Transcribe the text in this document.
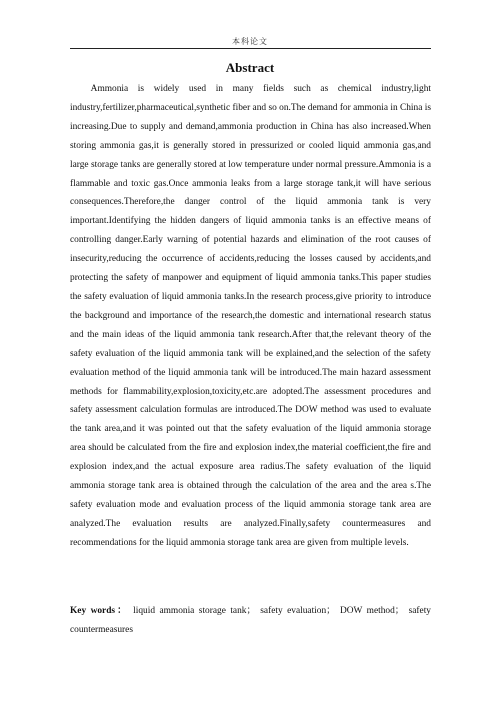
本科论文
Abstract

Ammonia is widely used in many fields such as chemical industry,light industry,fertilizer,pharmaceutical,synthetic fiber and so on.The demand for ammonia in China is increasing.Due to supply and demand,ammonia production in China has also increased.When storing ammonia gas,it is generally stored in pressurized or cooled liquid ammonia gas,and large storage tanks are generally stored at low temperature under normal pressure.Ammonia is a flammable and toxic gas.Once ammonia leaks from a large storage tank,it will have serious consequences.Therefore,the danger control of the liquid ammonia tank is very important.Identifying the hidden dangers of liquid ammonia tanks is an effective means of controlling danger.Early warning of potential hazards and elimination of the root causes of insecurity,reducing the occurrence of accidents,reducing the losses caused by accidents,and protecting the safety of manpower and equipment of liquid ammonia tanks.This paper studies the safety evaluation of liquid ammonia tanks.In the research process,give priority to introduce the background and importance of the research,the domestic and international research status and the main ideas of the liquid ammonia tank research.After that,the relevant theory of the safety evaluation of the liquid ammonia tank will be explained,and the selection of the safety evaluation method of the liquid ammonia tank will be introduced.The main hazard assessment methods for flammability,explosion,toxicity,etc.are adopted.The assessment procedures and safety assessment calculation formulas are introduced.The DOW method was used to evaluate the tank area,and it was pointed out that the safety evaluation of the liquid ammonia storage area should be calculated from the fire and explosion index,the material coefficient,the fire and explosion index,and the actual exposure area radius.The safety evaluation of the liquid ammonia storage tank area is obtained through the calculation of the area and the area s.The safety evaluation mode and evaluation process of the liquid ammonia storage tank area are analyzed.The evaluation results are analyzed.Finally,safety countermeasures and recommendations for the liquid ammonia storage tank area are given from multiple levels.

Key words： liquid ammonia storage tank； safety evaluation； DOW method； safety countermeasures
